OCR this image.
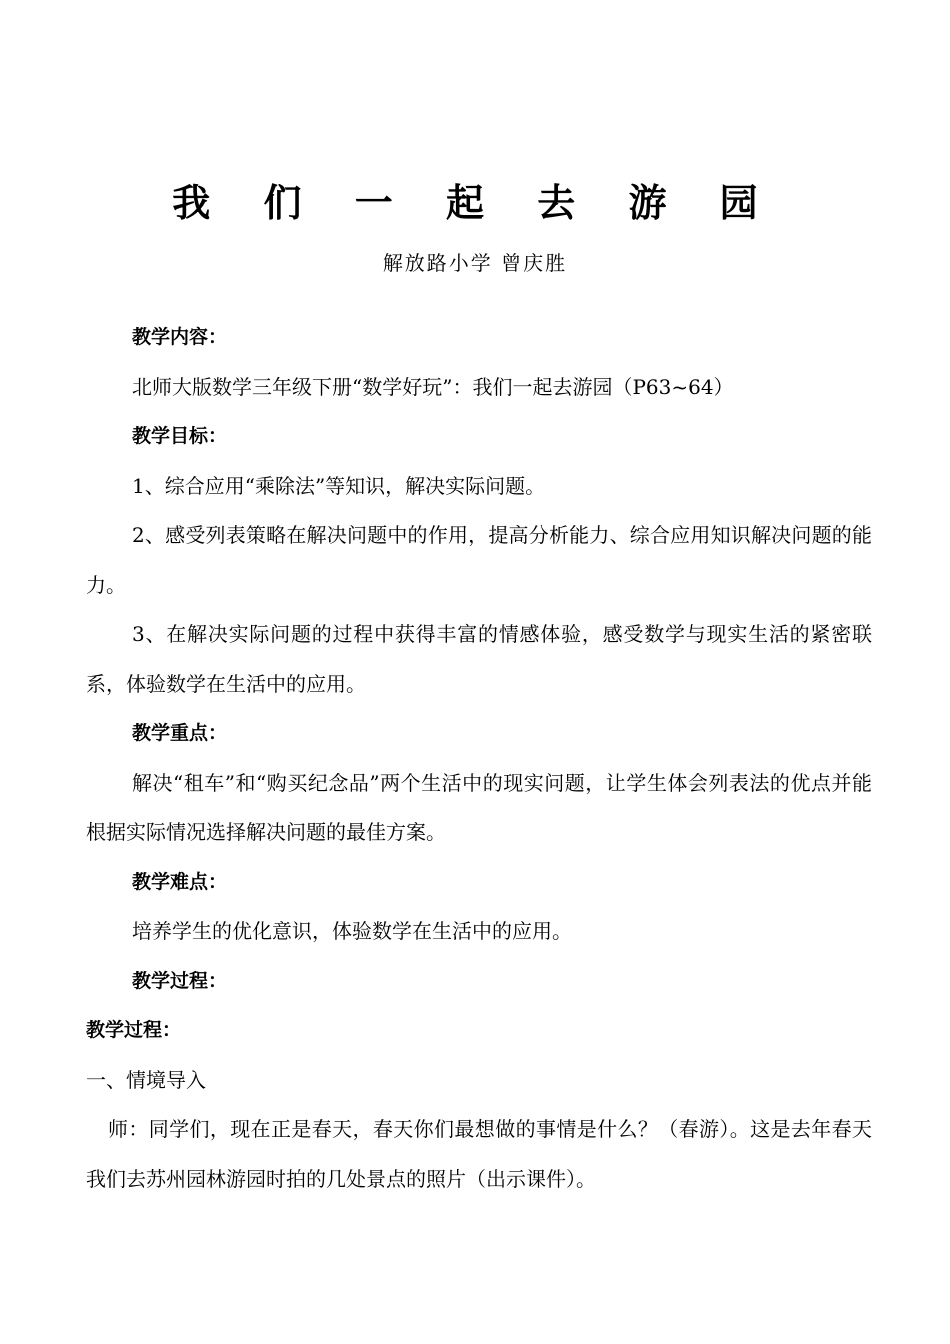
我 们 一 起 去 游 园
解放路小学 曾庆胜

教学内容：

北师大版数学三年级下册“数学好玩”：我们一起去游园（P63~64）

教学目标：

1、综合应用“乘除法”等知识，解决实际问题。

2、感受列表策略在解决问题中的作用，提高分析能力、综合应用知识解决问题的能力。

3、在解决实际问题的过程中获得丰富的情感体验，感受数学与现实生活的紧密联系，体验数学在生活中的应用。

教学重点：

解决“租车”和“购买纪念品”两个生活中的现实问题，让学生体会列表法的优点并能根据实际情况选择解决问题的最佳方案。

教学难点：

培养学生的优化意识，体验数学在生活中的应用。

教学过程：

教学过程：

一、情境导入

师：同学们，现在正是春天，春天你们最想做的事情是什么？（春游）。这是去年春天我们去苏州园林游园时拍的几处景点的照片（出示课件）。
